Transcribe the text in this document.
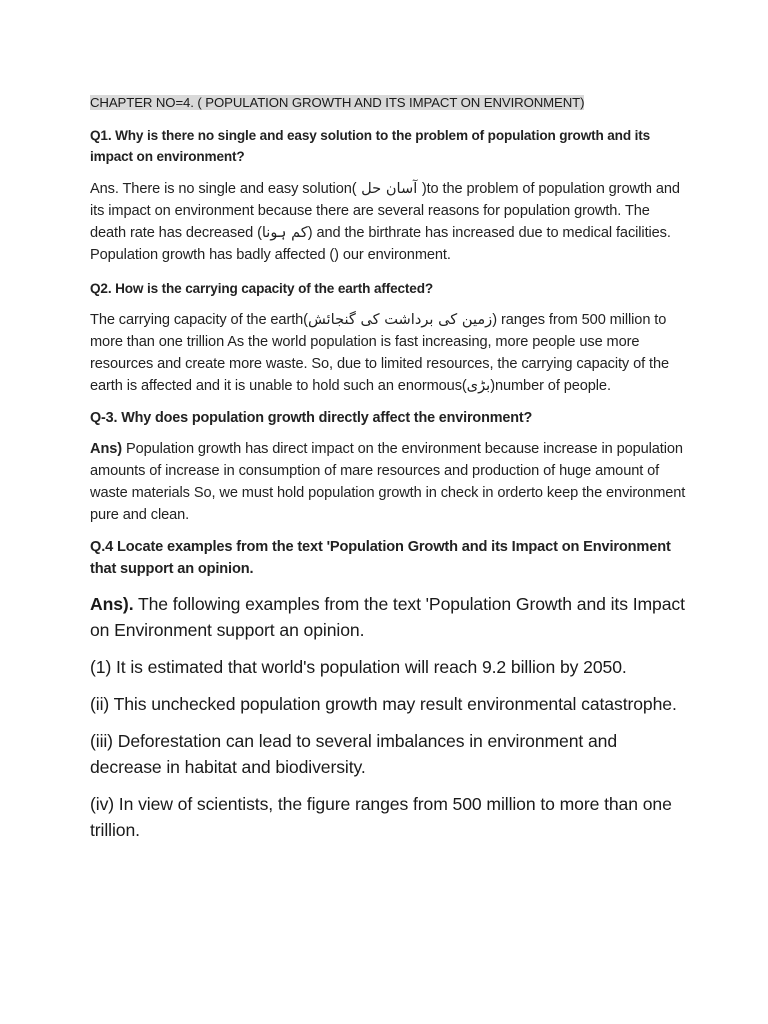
CHAPTER NO=4. ( POPULATION GROWTH AND ITS IMPACT ON ENVIRONMENT)

Q1. Why is there no single and easy solution to the problem of population growth and its impact on environment?

Ans. There is no single and easy solution( آسان حل )to the problem of population growth and its impact on environment because there are several reasons for population growth. The death rate has decreased (کم ہونا) and the birthrate has increased due to medical facilities. Population growth has badly affected () our environment.

Q2. How is the carrying capacity of the earth affected?

The carrying capacity of the earth(زمین کی برداشت کی گنجائش) ranges from 500 million to more than one trillion As the world population is fast increasing, more people use more resources and create more waste. So, due to limited resources, the carrying capacity of the earth is affected and it is unable to hold such an enormous(بڑی)number of people.

Q-3. Why does population growth directly affect the environment?

Ans) Population growth has direct impact on the environment because increase in population amounts of increase in consumption of mare resources and production of huge amount of waste materials So, we must hold population growth in check in orderto keep the environment pure and clean.

Q.4 Locate examples from the text 'Population Growth and its Impact on Environment that support an opinion.

Ans). The following examples from the text 'Population Growth and its Impact on Environment support an opinion.

(1) It is estimated that world's population will reach 9.2 billion by 2050.

(ii) This unchecked population growth may result environmental catastrophe.

(iii) Deforestation can lead to several imbalances in environment and decrease in habitat and biodiversity.

(iv) In view of scientists, the figure ranges from 500 million to more than one trillion.
